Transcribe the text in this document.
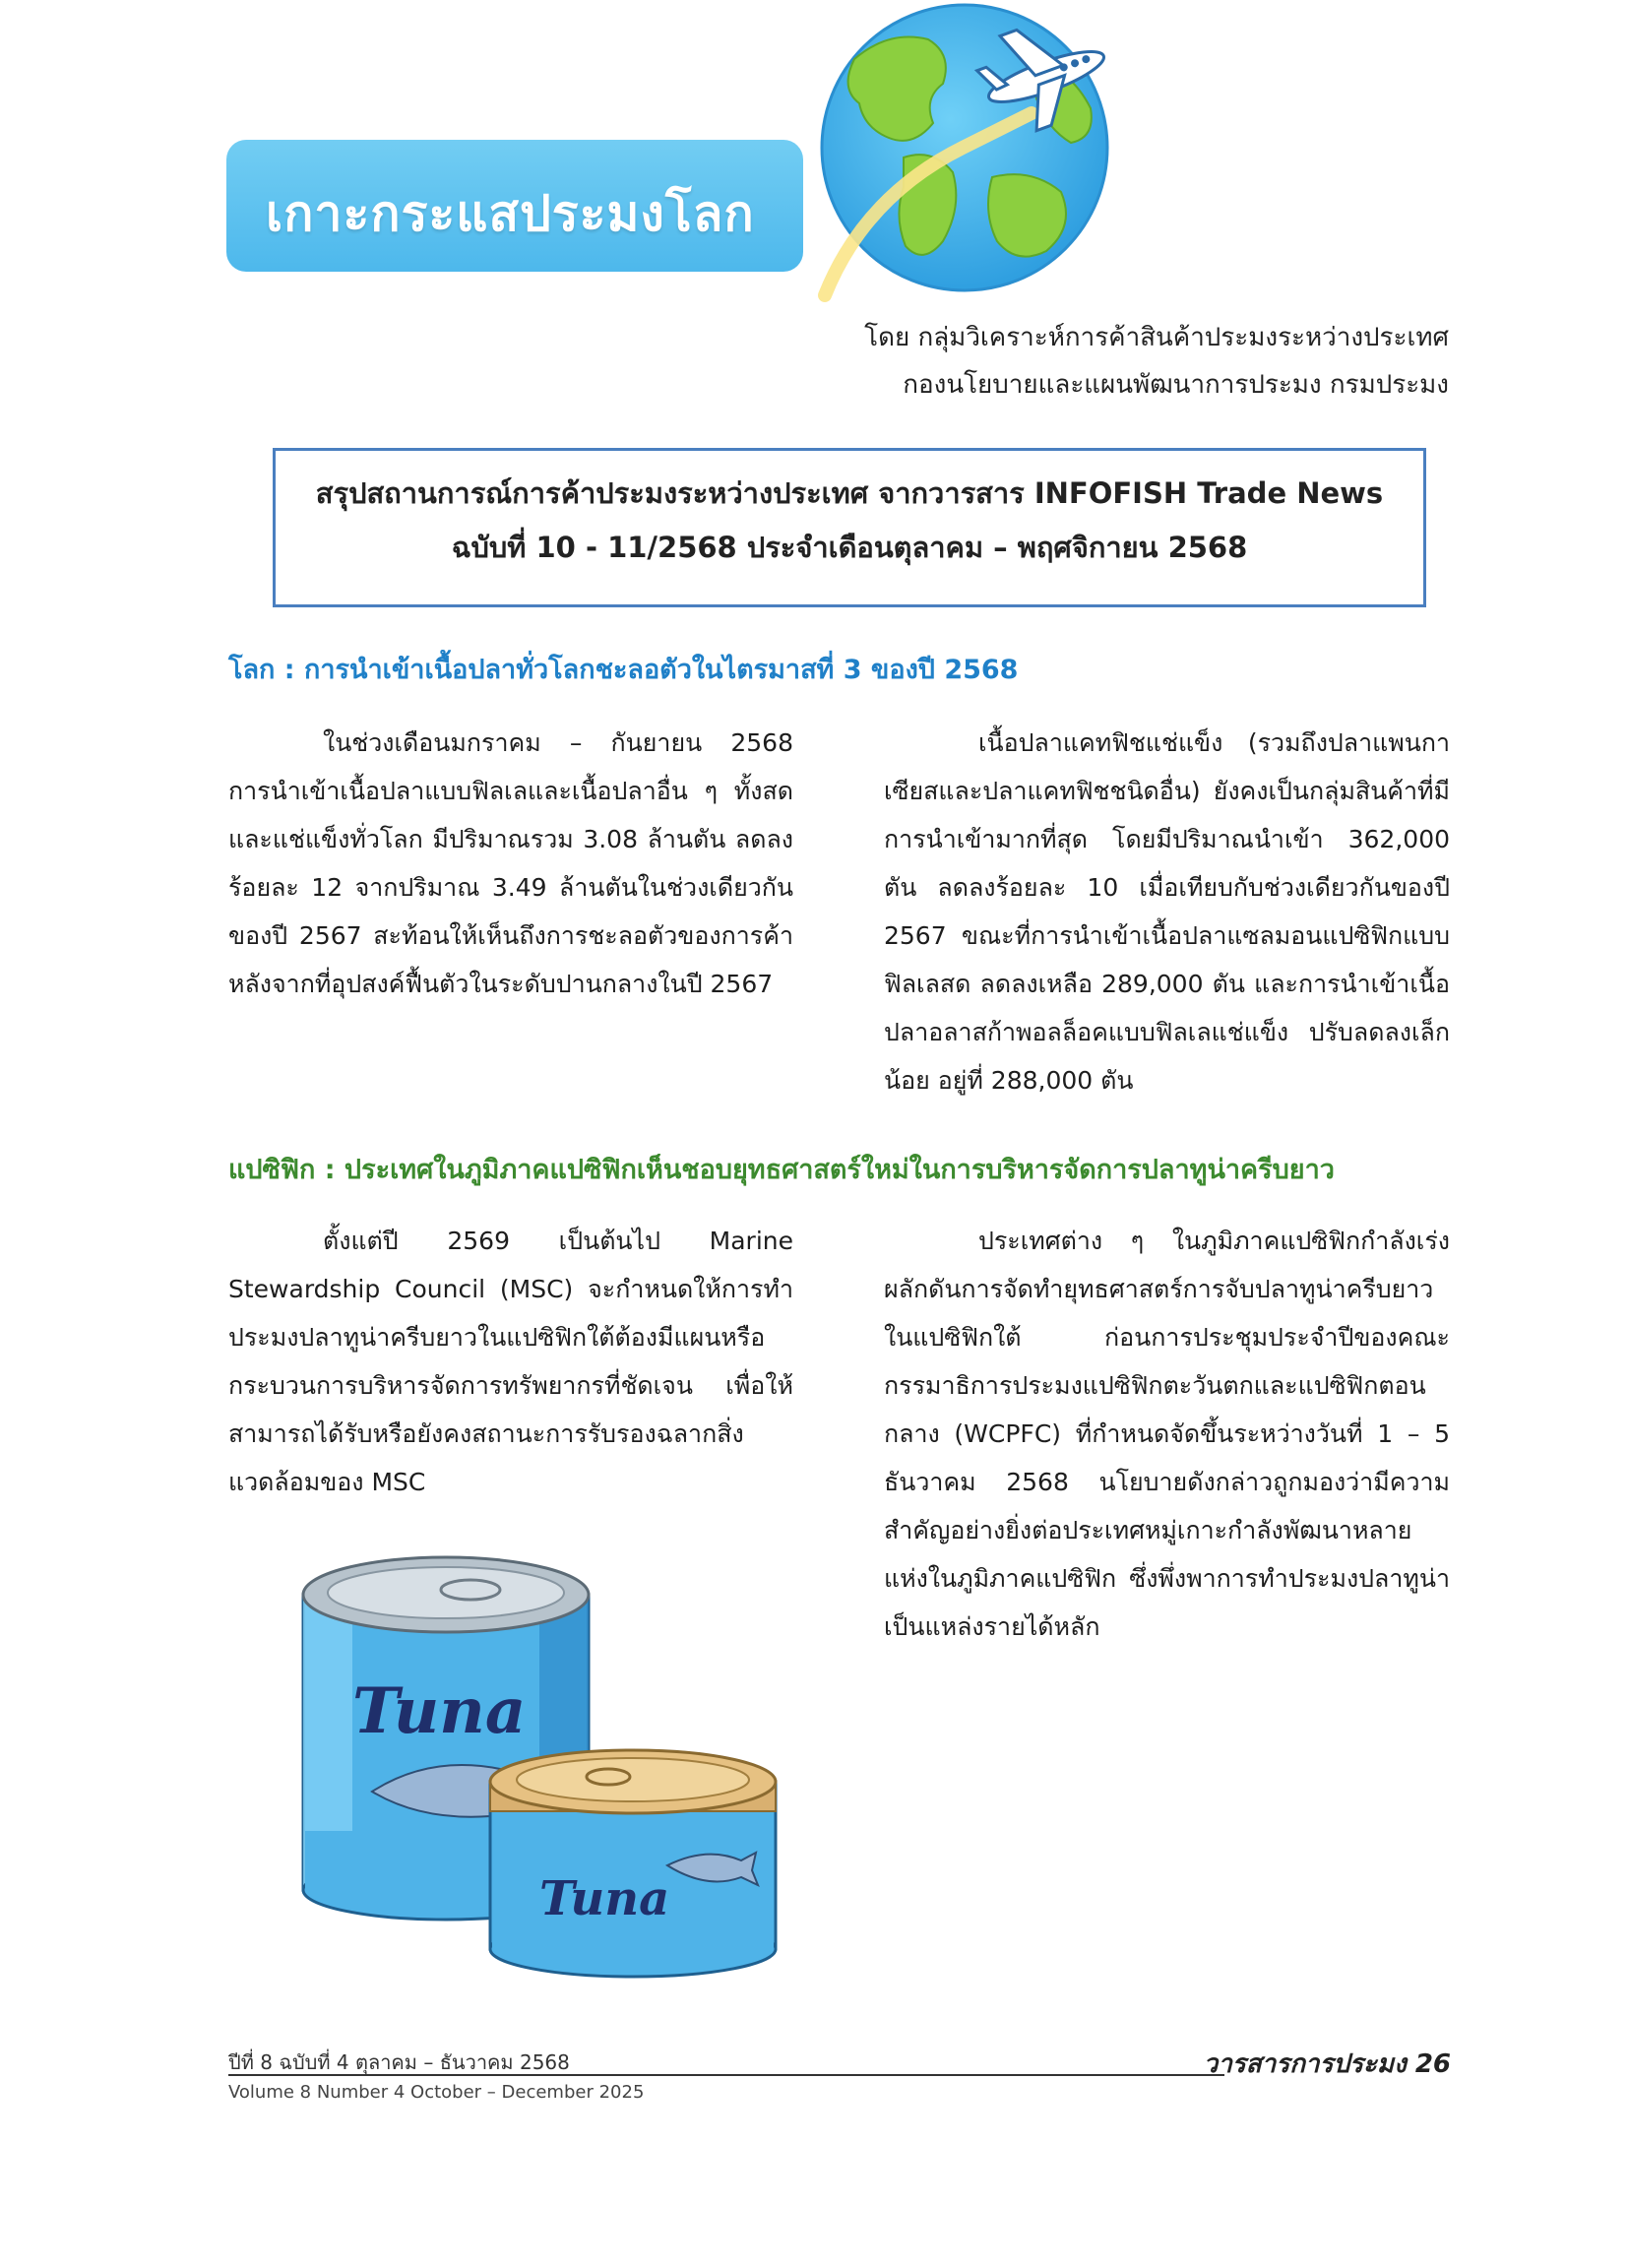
เกาะกระแสประมงโลก
โดย กลุ่มวิเคราะห์การค้าสินค้าประมงระหว่างประเทศ
กองนโยบายและแผนพัฒนาการประมง กรมประมง
สรุปสถานการณ์การค้าประมงระหว่างประเทศ จากวารสาร INFOFISH Trade News
ฉบับที่ 10 - 11/2568 ประจำเดือนตุลาคม – พฤศจิกายน 2568
โลก : การนำเข้าเนื้อปลาทั่วโลกชะลอตัวในไตรมาสที่ 3 ของปี 2568
ในช่วงเดือนมกราคม – กันยายน 2568 การนำเข้าเนื้อปลาแบบฟิลเลและเนื้อปลาอื่น ๆ ทั้งสดและแช่แข็งทั่วโลก มีปริมาณรวม 3.08 ล้านตัน ลดลงร้อยละ 12 จากปริมาณ 3.49 ล้านตันในช่วงเดียวกันของปี 2567 สะท้อนให้เห็นถึงการชะลอตัวของการค้าหลังจากที่อุปสงค์ฟื้นตัวในระดับปานกลางในปี 2567
เนื้อปลาแคทฟิชแช่แข็ง (รวมถึงปลาแพนกาเซียสและปลาแคทฟิชชนิดอื่น) ยังคงเป็นกลุ่มสินค้าที่มีการนำเข้ามากที่สุด โดยมีปริมาณนำเข้า 362,000 ตัน ลดลงร้อยละ 10 เมื่อเทียบกับช่วงเดียวกันของปี 2567 ขณะที่การนำเข้าเนื้อปลาแซลมอนแปซิฟิกแบบฟิลเลสด ลดลงเหลือ 289,000 ตัน และการนำเข้าเนื้อปลาอลาสก้าพอลล็อคแบบฟิลเลแช่แข็ง ปรับลดลงเล็กน้อย อยู่ที่ 288,000 ตัน
แปซิฟิก : ประเทศในภูมิภาคแปซิฟิกเห็นชอบยุทธศาสตร์ใหม่ในการบริหารจัดการปลาทูน่าครีบยาว
ตั้งแต่ปี 2569 เป็นต้นไป Marine Stewardship Council (MSC) จะกำหนดให้การทำประมงปลาทูน่าครีบยาวในแปซิฟิกใต้ต้องมีแผนหรือกระบวนการบริหารจัดการทรัพยากรที่ชัดเจน เพื่อให้สามารถได้รับหรือยังคงสถานะการรับรองฉลากสิ่งแวดล้อมของ MSC
ประเทศต่าง ๆ ในภูมิภาคแปซิฟิกกำลังเร่งผลักดันการจัดทำยุทธศาสตร์การจับปลาทูน่าครีบยาวในแปซิฟิกใต้ ก่อนการประชุมประจำปีของคณะกรรมาธิการประมงแปซิฟิกตะวันตกและแปซิฟิกตอนกลาง (WCPFC) ที่กำหนดจัดขึ้นระหว่างวันที่ 1 – 5 ธันวาคม 2568 นโยบายดังกล่าวถูกมองว่ามีความสำคัญอย่างยิ่งต่อประเทศหมู่เกาะกำลังพัฒนาหลายแห่งในภูมิภาคแปซิฟิก ซึ่งพึ่งพาการทำประมงปลาทูน่าเป็นแหล่งรายได้หลัก
Tuna
Tuna
ปีที่ 8 ฉบับที่ 4 ตุลาคม – ธันวาคม 2568
Volume 8 Number 4 October – December 2025
วารสารการประมง 26
